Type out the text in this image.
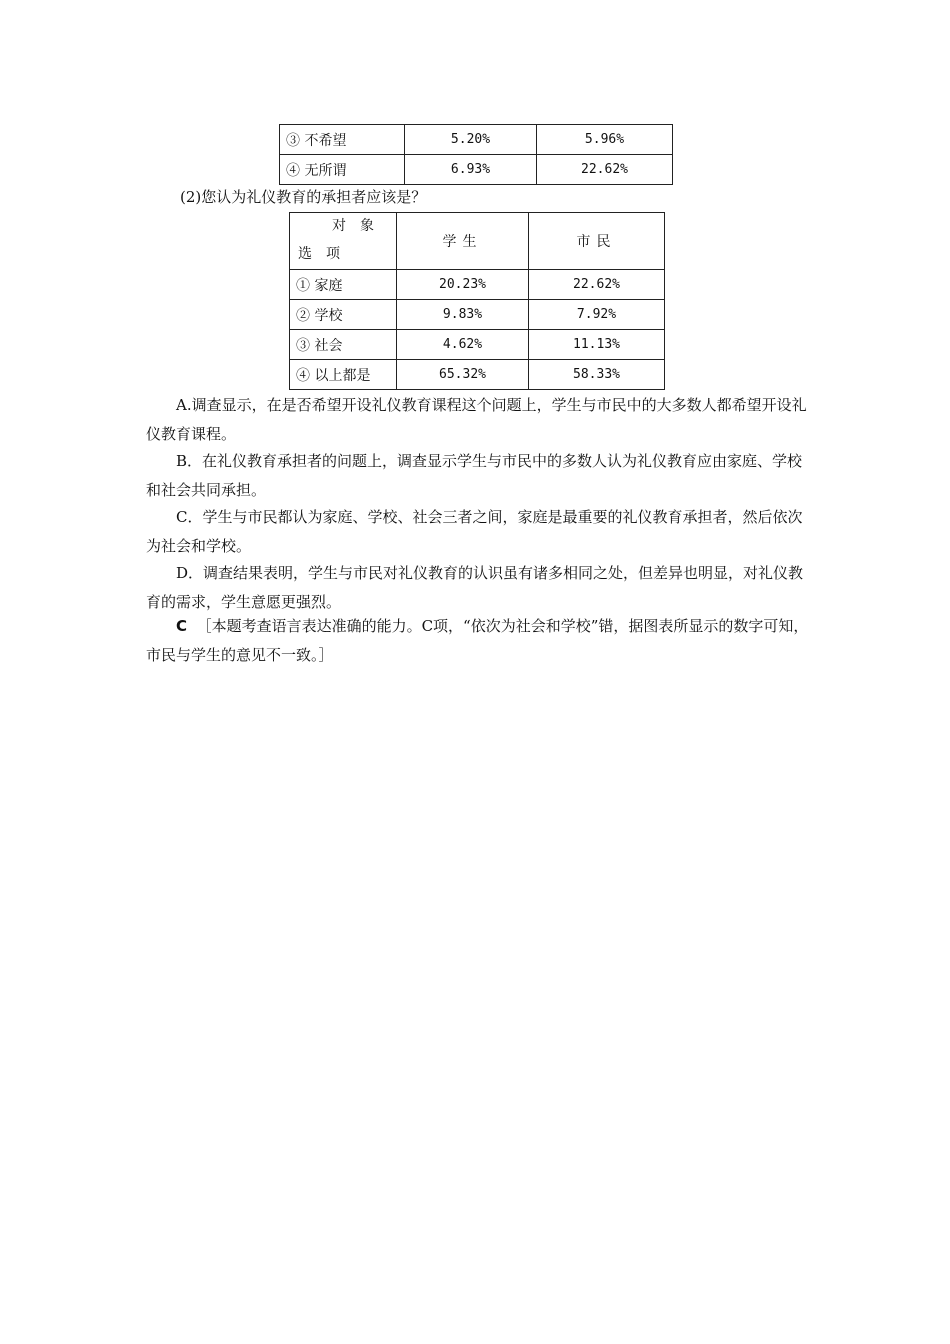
③ 不希望	5.20%	5.96%
④ 无所谓	6.93%	22.62%
(2)您认为礼仪教育的承担者应该是？
对象
选项	学生	市民
① 家庭	20.23%	22.62%
② 学校	9.83%	7.92%
③ 社会	4.62%	11.13%
④ 以上都是	65.32%	58.33%

A.调查显示，在是否希望开设礼仪教育课程这个问题上，学生与市民中的大多数人都希望开设礼仪教育课程。

B．在礼仪教育承担者的问题上，调查显示学生与市民中的多数人认为礼仪教育应由家庭、学校和社会共同承担。

C．学生与市民都认为家庭、学校、社会三者之间，家庭是最重要的礼仪教育承担者，然后依次为社会和学校。

D．调查结果表明，学生与市民对礼仪教育的认识虽有诸多相同之处，但差异也明显，对礼仪教育的需求，学生意愿更强烈。

C ［本题考查语言表达准确的能力。C项，“依次为社会和学校”错，据图表所显示的数字可知，市民与学生的意见不一致。］
